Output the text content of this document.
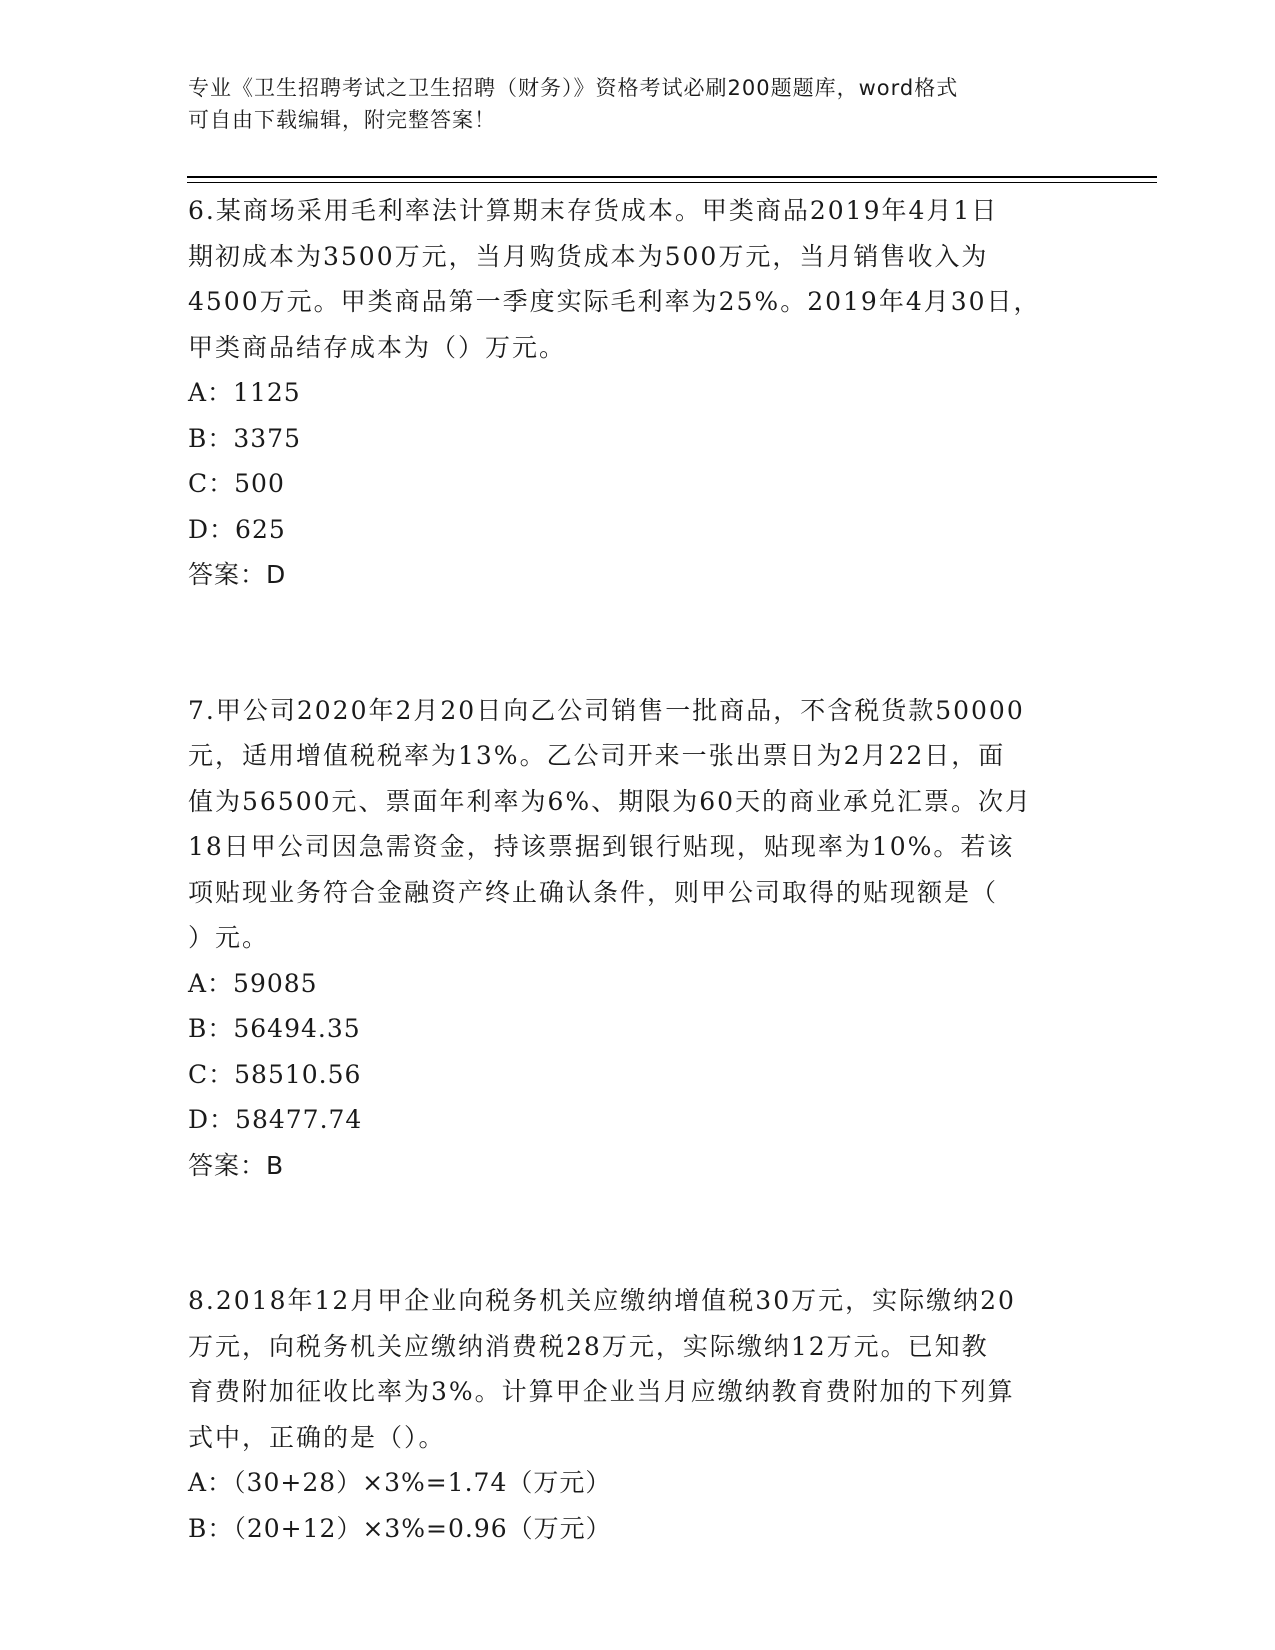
专业《卫生招聘考试之卫生招聘（财务）》资格考试必刷200题题库，word格式
可自由下载编辑，附完整答案！

6.某商场采用毛利率法计算期末存货成本。甲类商品2019年4月1日

期初成本为3500万元，当月购货成本为500万元，当月销售收入为

4500万元。甲类商品第一季度实际毛利率为25%。2019年4月30日，

甲类商品结存成本为（）万元。

A：1125

B：3375

C：500

D：625

答案：D

7.甲公司2020年2月20日向乙公司销售一批商品，不含税货款50000

元，适用增值税税率为13%。乙公司开来一张出票日为2月22日，面

值为56500元、票面年利率为6%、期限为60天的商业承兑汇票。次月

18日甲公司因急需资金，持该票据到银行贴现，贴现率为10%。若该

项贴现业务符合金融资产终止确认条件，则甲公司取得的贴现额是（

）元。

A：59085

B：56494.35

C：58510.56

D：58477.74

答案：B

8.2018年12月甲企业向税务机关应缴纳增值税30万元，实际缴纳20

万元，向税务机关应缴纳消费税28万元，实际缴纳12万元。已知教

育费附加征收比率为3%。计算甲企业当月应缴纳教育费附加的下列算

式中，正确的是（）。

A：（30+28）×3%=1.74（万元）

B：（20+12）×3%=0.96（万元）
